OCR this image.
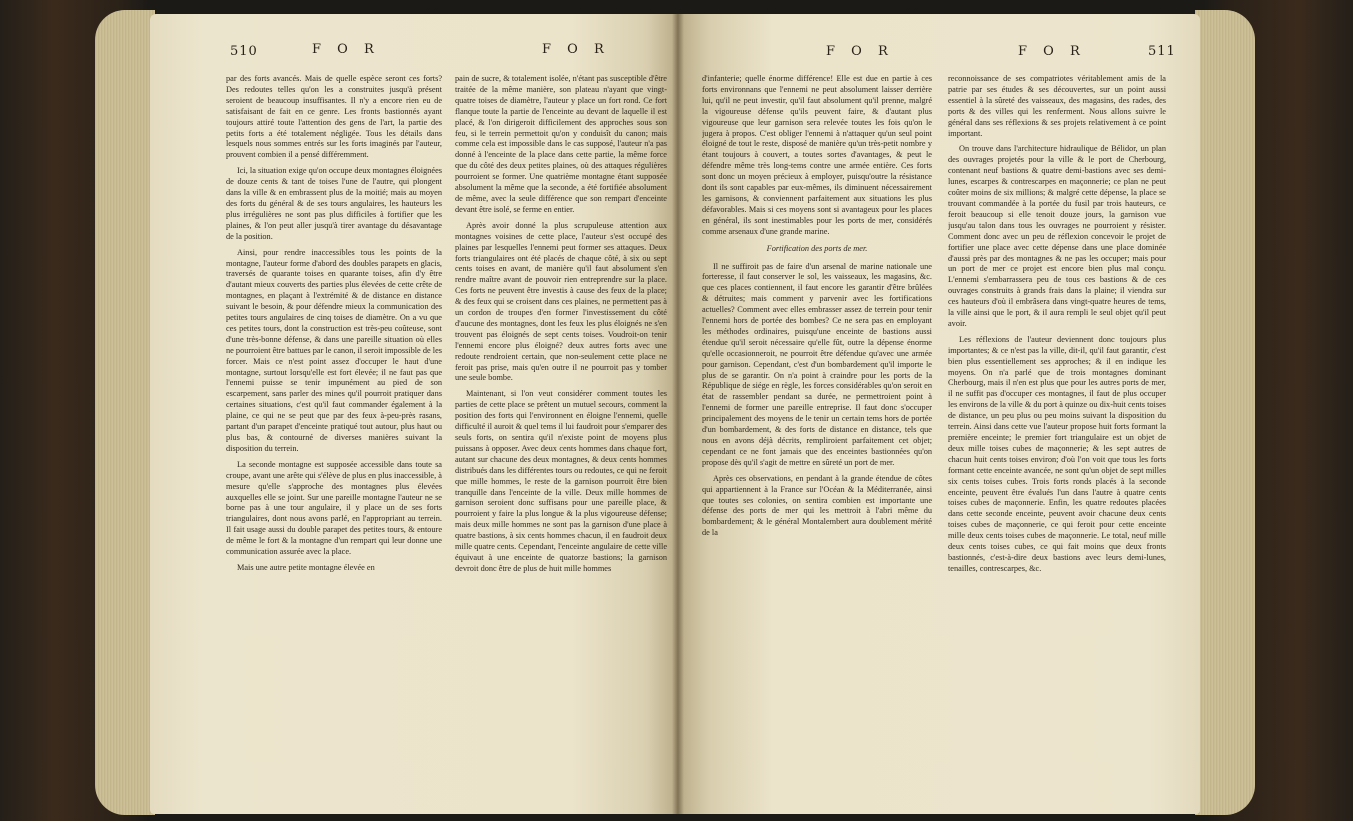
510	F O R	F O R

par des forts avancés. Mais de quelle espèce seront ces forts? Des redoutes telles qu'on les a construites jusqu'à présent seroient de beaucoup insuffisantes. Il n'y a encore rien eu de satisfaisant de fait en ce genre. Les fronts bastionnés ayant toujours attiré toute l'attention des gens de l'art, la partie des petits forts a été totalement négligée. Tous les détails dans lesquels nous sommes entrés sur les forts imaginés par l'auteur, prouvent combien il a pensé différemment.

Ici, la situation exige qu'on occupe deux montagnes éloignées de douze cents & tant de toises l'une de l'autre, qui plongent dans la ville & en embrassent plus de la moitié; mais au moyen des forts du général & de ses tours angulaires, les hauteurs les plus irrégulières ne sont pas plus difficiles à fortifier que les plaines, & l'on peut aller jusqu'à tirer avantage du désavantage de la position.

Ainsi, pour rendre inaccessibles tous les points de la montagne, l'auteur forme d'abord des doubles parapets en glacis, traversés de quarante toises en quarante toises, afin d'y être d'autant mieux couverts des parties plus élevées de cette crête de montagnes, en plaçant à l'extrémité & de distance en distance suivant le besoin, & pour défendre mieux la communication des petites tours angulaires de cinq toises de diamètre. On a vu que ces petites tours, dont la construction est très-peu coûteuse, sont d'une très-bonne défense, & dans une pareille situation où elles ne pourroient être battues par le canon, il seroit impossible de les forcer. Mais ce n'est point assez d'occuper le haut d'une montagne, surtout lorsqu'elle est fort élevée; il ne faut pas que l'ennemi puisse se tenir impunément au pied de son escarpement, sans parler des mines qu'il pourroit pratiquer dans certaines situations, c'est qu'il faut commander également à la plaine, ce qui ne se peut que par des feux à-peu-près rasans, partant d'un parapet d'enceinte pratiqué tout autour, plus haut ou plus bas, & contourné de diverses manières suivant la disposition du terrein.

La seconde montagne est supposée accessible dans toute sa croupe, avant une arête qui s'élève de plus en plus inaccessible, à mesure qu'elle s'approche des montagnes plus élevées auxquelles elle se joint. Sur une pareille montagne l'auteur ne se borne pas à une tour angulaire, il y place un de ses forts triangulaires, dont nous avons parlé, en l'appropriant au terrein. Il fait usage aussi du double parapet des petites tours, & entoure de même le fort & la montagne d'un rempart qui leur donne une communication assurée avec la place.

Mais une autre petite montagne élevée en

pain de sucre, & totalement isolée, n'étant pas susceptible d'être traitée de la même manière, son plateau n'ayant que vingt-quatre toises de diamètre, l'auteur y place un fort rond. Ce fort flanque toute la partie de l'enceinte au devant de laquelle il est placé, & l'on dirigeroit difficilement des approches sous son feu, si le terrein permettoit qu'on y conduisît du canon; mais comme cela est impossible dans le cas supposé, l'auteur n'a pas donné à l'enceinte de la place dans cette partie, la même force que du côté des deux petites plaines, où des attaques régulières pourroient se former. Une quatrième montagne étant supposée absolument la même que la seconde, a été fortifiée absolument de même, avec la seule différence que son rempart d'enceinte devant être isolé, se ferme en entier.

Après avoir donné la plus scrupuleuse attention aux montagnes voisines de cette place, l'auteur s'est occupé des plaines par lesquelles l'ennemi peut former ses attaques. Deux forts triangulaires ont été placés de chaque côté, à six ou sept cents toises en avant, de manière qu'il faut absolument s'en rendre maître avant de pouvoir rien entreprendre sur la place. Ces forts ne peuvent être investis à cause des feux de la place; & des feux qui se croisent dans ces plaines, ne permettent pas à un cordon de troupes d'en former l'investissement du côté d'aucune des montagnes, dont les feux les plus éloignés ne s'en trouvent pas éloignés de sept cents toises. Voudroit-on tenir l'ennemi encore plus éloigné? deux autres forts avec une redoute rendroient certain, que non-seulement cette place ne feroit pas prise, mais qu'en outre il ne pourroit pas y tomber une seule bombe.

Maintenant, si l'on veut considérer comment toutes les parties de cette place se prêtent un mutuel secours, comment la position des forts qui l'environnent en éloigne l'ennemi, quelle difficulté il auroit & quel tems il lui faudroit pour s'emparer des seuls forts, on sentira qu'il n'existe point de moyens plus puissans à opposer. Avec deux cents hommes dans chaque fort, autant sur chacune des deux montagnes, & deux cents hommes distribués dans les différentes tours ou redoutes, ce qui ne feroit que mille hommes, le reste de la garnison pourroit être bien tranquille dans l'enceinte de la ville. Deux mille hommes de garnison seroient donc suffisans pour une pareille place, & pourroient y faire la plus longue & la plus vigoureuse défense; mais deux mille hommes ne sont pas la garnison d'une place à quatre bastions, à six cents hommes chacun, il en faudroit deux mille quatre cents. Cependant, l'enceinte angulaire de cette ville équivaut à une enceinte de quatorze bastions; la garnison devroit donc être de plus de huit mille hommes

F O R	F O R	511

d'infanterie; quelle énorme différence! Elle est due en partie à ces forts environnans que l'ennemi ne peut absolument laisser derrière lui, qu'il ne peut investir, qu'il faut absolument qu'il prenne, malgré la vigoureuse défense qu'ils peuvent faire, & d'autant plus vigoureuse que leur garnison sera relevée toutes les fois qu'on le jugera à propos. C'est obliger l'ennemi à n'attaquer qu'un seul point éloigné de tout le reste, disposé de manière qu'un très-petit nombre y étant toujours à couvert, a toutes sortes d'avantages, & peut le défendre même très long-tems contre une armée entière. Ces forts sont donc un moyen précieux à employer, puisqu'outre la résistance dont ils sont capables par eux-mêmes, ils diminuent nécessairement les garnisons, & conviennent parfaitement aux situations les plus défavorables. Mais si ces moyens sont si avantageux pour les places en général, ils sont inestimables pour les ports de mer, considérés comme arsenaux d'une grande marine.

Fortification des ports de mer.

Il ne suffiroit pas de faire d'un arsenal de marine nationale une forteresse, il faut conserver le sol, les vaisseaux, les magasins, &c. que ces places contiennent, il faut encore les garantir d'être brûlées & détruites; mais comment y parvenir avec les fortifications actuelles? Comment avec elles embrasser assez de terrein pour tenir l'ennemi hors de portée des bombes? Ce ne sera pas en employant les méthodes ordinaires, puisqu'une enceinte de bastions aussi étendue qu'il seroit nécessaire qu'elle fût, outre la dépense énorme qu'elle occasionneroit, ne pourroit être défendue qu'avec une armée pour garnison. Cependant, c'est d'un bombardement qu'il importe le plus de se garantir. On n'a point à craindre pour les ports de la République de siége en règle, les forces considérables qu'on seroit en état de rassembler pendant sa durée, ne permettroient point à l'ennemi de former une pareille entreprise. Il faut donc s'occuper principalement des moyens de le tenir un certain tems hors de portée d'un bombardement, & des forts de distance en distance, tels que nous en avons déjà décrits, rempliroient parfaitement cet objet; cependant ce ne font jamais que des enceintes bastionnées qu'on propose dès qu'il s'agit de mettre en sûreté un port de mer.

Après ces observations, en pendant à la grande étendue de côtes qui appartiennent à la France sur l'Océan & la Méditerranée, ainsi que toutes ses colonies, on sentira combien est importante une défense des ports de mer qui les mettroit à l'abri même du bombardement; & le général Montalembert aura doublement mérité de la

reconnoissance de ses compatriotes véritablement amis de la patrie par ses études & ses découvertes, sur un point aussi essentiel à la sûreté des vaisseaux, des magasins, des rades, des ports & des villes qui les renferment. Nous allons suivre le général dans ses réflexions & ses projets relativement à ce point important.

On trouve dans l'architecture hidraulique de Bélidor, un plan des ouvrages projetés pour la ville & le port de Cherbourg, contenant neuf bastions & quatre demi-bastions avec ses demi-lunes, escarpes & contrescarpes en maçonnerie; ce plan ne peut coûter moins de six millions; & malgré cette dépense, la place se trouvant commandée à la portée du fusil par trois hauteurs, ce feroit beaucoup si elle tenoit douze jours, la garnison vue jusqu'au talon dans tous les ouvrages ne pourroient y résister. Comment donc avec un peu de réflexion concevoir le projet de fortifier une place avec cette dépense dans une place dominée d'aussi près par des montagnes & ne pas les occuper; mais pour un port de mer ce projet est encore bien plus mal conçu. L'ennemi s'embarrassera peu de tous ces bastions & de ces ouvrages construits à grands frais dans la plaine; il viendra sur ces hauteurs d'où il embrâsera dans vingt-quatre heures de tems, la ville ainsi que le port, & il aura rempli le seul objet qu'il peut avoir.

Les réflexions de l'auteur deviennent donc toujours plus importantes; & ce n'est pas la ville, dit-il, qu'il faut garantir, c'est bien plus essentiellement ses approches; & il en indique les moyens. On n'a parlé que de trois montagnes dominant Cherbourg, mais il n'en est plus que pour les autres ports de mer, il ne suffit pas d'occuper ces montagnes, il faut de plus occuper les environs de la ville & du port à quinze ou dix-huit cents toises de distance, un peu plus ou peu moins suivant la disposition du terrein. Ainsi dans cette vue l'auteur propose huit forts formant la première enceinte; le premier fort triangulaire est un objet de deux mille toises cubes de maçonnerie; & les sept autres de chacun huit cents toises environ; d'où l'on voit que tous les forts formant cette enceinte avancée, ne sont qu'un objet de sept milles six cents toises cubes. Trois forts ronds placés à la seconde enceinte, peuvent être évalués l'un dans l'autre à quatre cents toises cubes de maçonnerie. Enfin, les quatre redoutes placées dans cette seconde enceinte, peuvent avoir chacune deux cents toises cubes de maçonnerie, ce qui feroit pour cette enceinte mille deux cents toises cubes de maçonnerie. Le total, neuf mille deux cents toises cubes, ce qui fait moins que deux fronts bastionnés, c'est-à-dire deux bastions avec leurs demi-lunes, tenailles, contrescarpes, &c.
